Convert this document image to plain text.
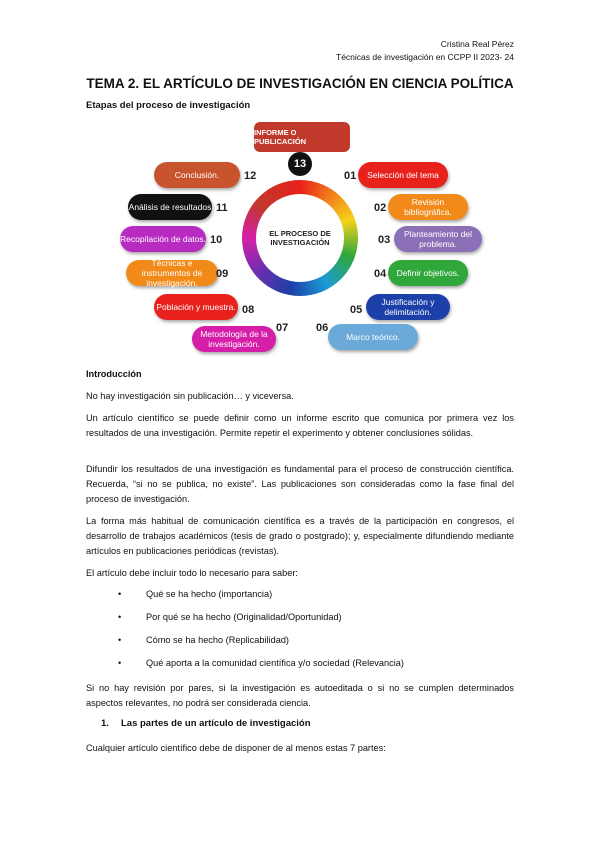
Cristina Real Pérez
Técnicas de investigación en CCPP II 2023- 24
TEMA 2. EL ARTÍCULO DE INVESTIGACIÓN EN CIENCIA POLÍTICA
Etapas del proceso de investigación
INFORME O PUBLICACIÓN
13
EL PROCESO DE
INVESTIGACIÓN
Selección del tema
01
Revisión bibliográfica.
02
Planteamiento del problema.
03
Definir objetivos.
04
Justificación y delimitación.
05
Marco teórico.
06
Metodología de la investigación.
07
Población y muestra. 08
Técnicas e instrumentos de investigación.
09
Recopilación de datos. 10
Análisis de resultados 11
Conclusión. 12
Introducción
No hay investigación sin publicación… y viceversa.
Un artículo científico se puede definir como un informe escrito que comunica por primera vez los resultados de una investigación. Permite repetir el experimento y obtener conclusiones sólidas.
Difundir los resultados de una investigación es fundamental para el proceso de construcción científica. Recuerda, “si no se publica, no existe”. Las publicaciones son consideradas como la fase final del proceso de investigación.
La forma más habitual de comunicación científica es a través de la participación en congresos, el desarrollo de trabajos académicos (tesis de grado o postgrado); y, especialmente difundiendo mediante artículos en publicaciones periódicas (revistas).
El artículo debe incluir todo lo necesario para saber:
•	Qué se ha hecho (importancia)
•	Por qué se ha hecho (Originalidad/Oportunidad)
•	Cómo se ha hecho (Replicabilidad)
•	Qué aporta a la comunidad científica y/o sociedad (Relevancia)
Si no hay revisión por pares, si la investigación es autoeditada o si no se cumplen determinados aspectos relevantes, no podrá ser considerada ciencia.
1. Las partes de un artículo de investigación
Cualquier artículo científico debe de disponer de al menos estas 7 partes:
